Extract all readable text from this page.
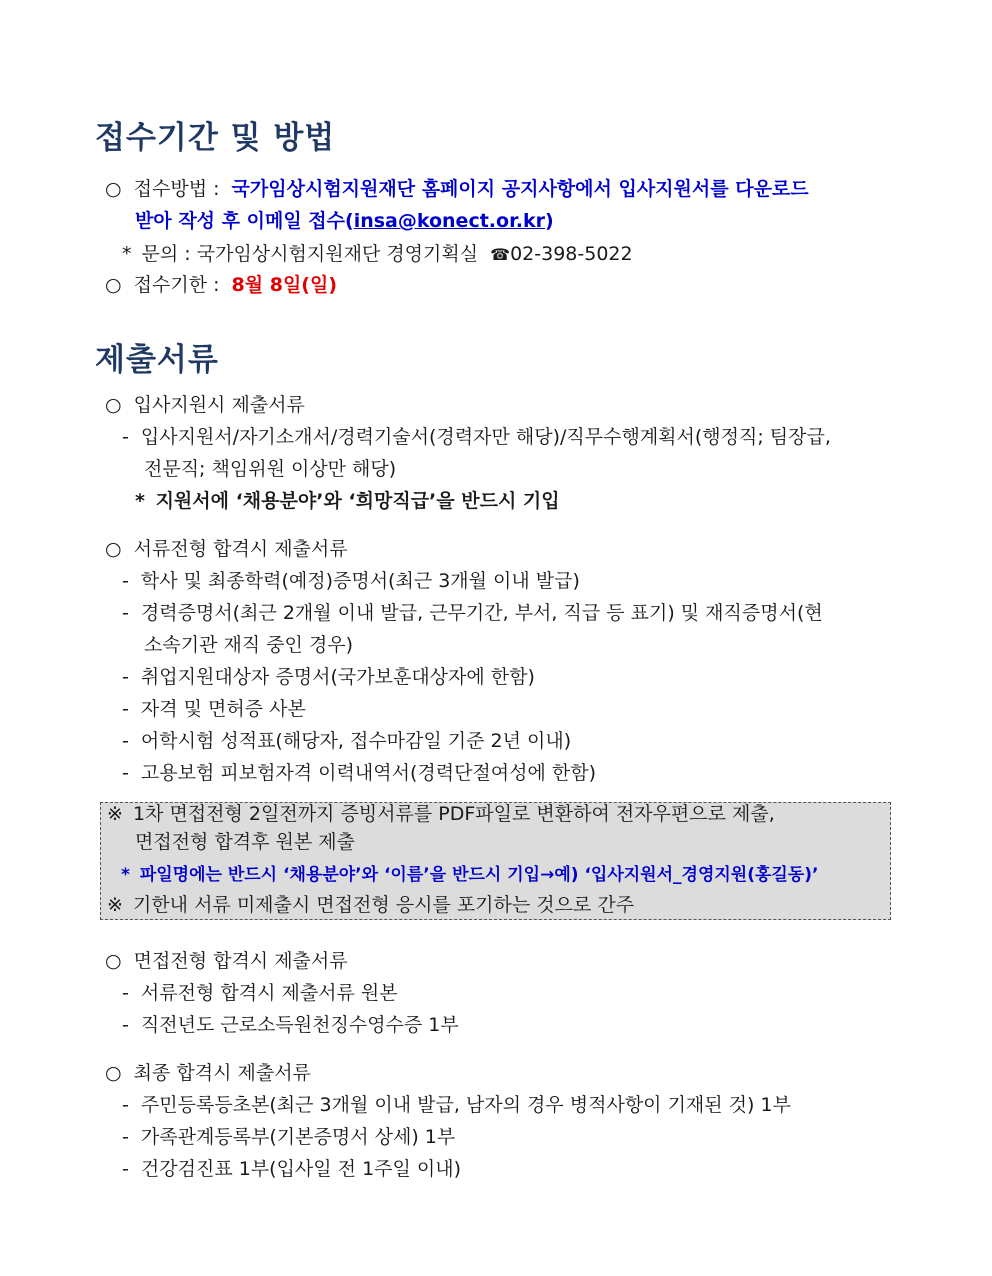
접수기간 및 방법
○ 접수방법 : 국가임상시험지원재단 홈페이지 공지사항에서 입사지원서를 다운로드
받아 작성 후 이메일 접수(insa@konect.or.kr)
* 문의 : 국가임상시험지원재단 경영기획실 ☎02-398-5022
○ 접수기한 : 8월 8일(일)
제출서류
○ 입사지원시 제출서류
- 입사지원서/자기소개서/경력기술서(경력자만 해당)/직무수행계획서(행정직; 팀장급,
전문직; 책임위원 이상만 해당)
* 지원서에 ‘채용분야’와 ‘희망직급’을 반드시 기입
○ 서류전형 합격시 제출서류
- 학사 및 최종학력(예정)증명서(최근 3개월 이내 발급)
- 경력증명서(최근 2개월 이내 발급, 근무기간, 부서, 직급 등 표기) 및 재직증명서(현
소속기관 재직 중인 경우)
- 취업지원대상자 증명서(국가보훈대상자에 한함)
- 자격 및 면허증 사본
- 어학시험 성적표(해당자, 접수마감일 기준 2년 이내)
- 고용보험 피보험자격 이력내역서(경력단절여성에 한함)
※ 1차 면접전형 2일전까지 증빙서류를 PDF파일로 변환하여 전자우편으로 제출,
면접전형 합격후 원본 제출
* 파일명에는 반드시 ‘채용분야’와 ‘이름’을 반드시 기입→예) ‘입사지원서_경영지원(홍길동)’
※ 기한내 서류 미제출시 면접전형 응시를 포기하는 것으로 간주
○ 면접전형 합격시 제출서류
- 서류전형 합격시 제출서류 원본
- 직전년도 근로소득원천징수영수증 1부
○ 최종 합격시 제출서류
- 주민등록등초본(최근 3개월 이내 발급, 남자의 경우 병적사항이 기재된 것) 1부
- 가족관계등록부(기본증명서 상세) 1부
- 건강검진표 1부(입사일 전 1주일 이내)
